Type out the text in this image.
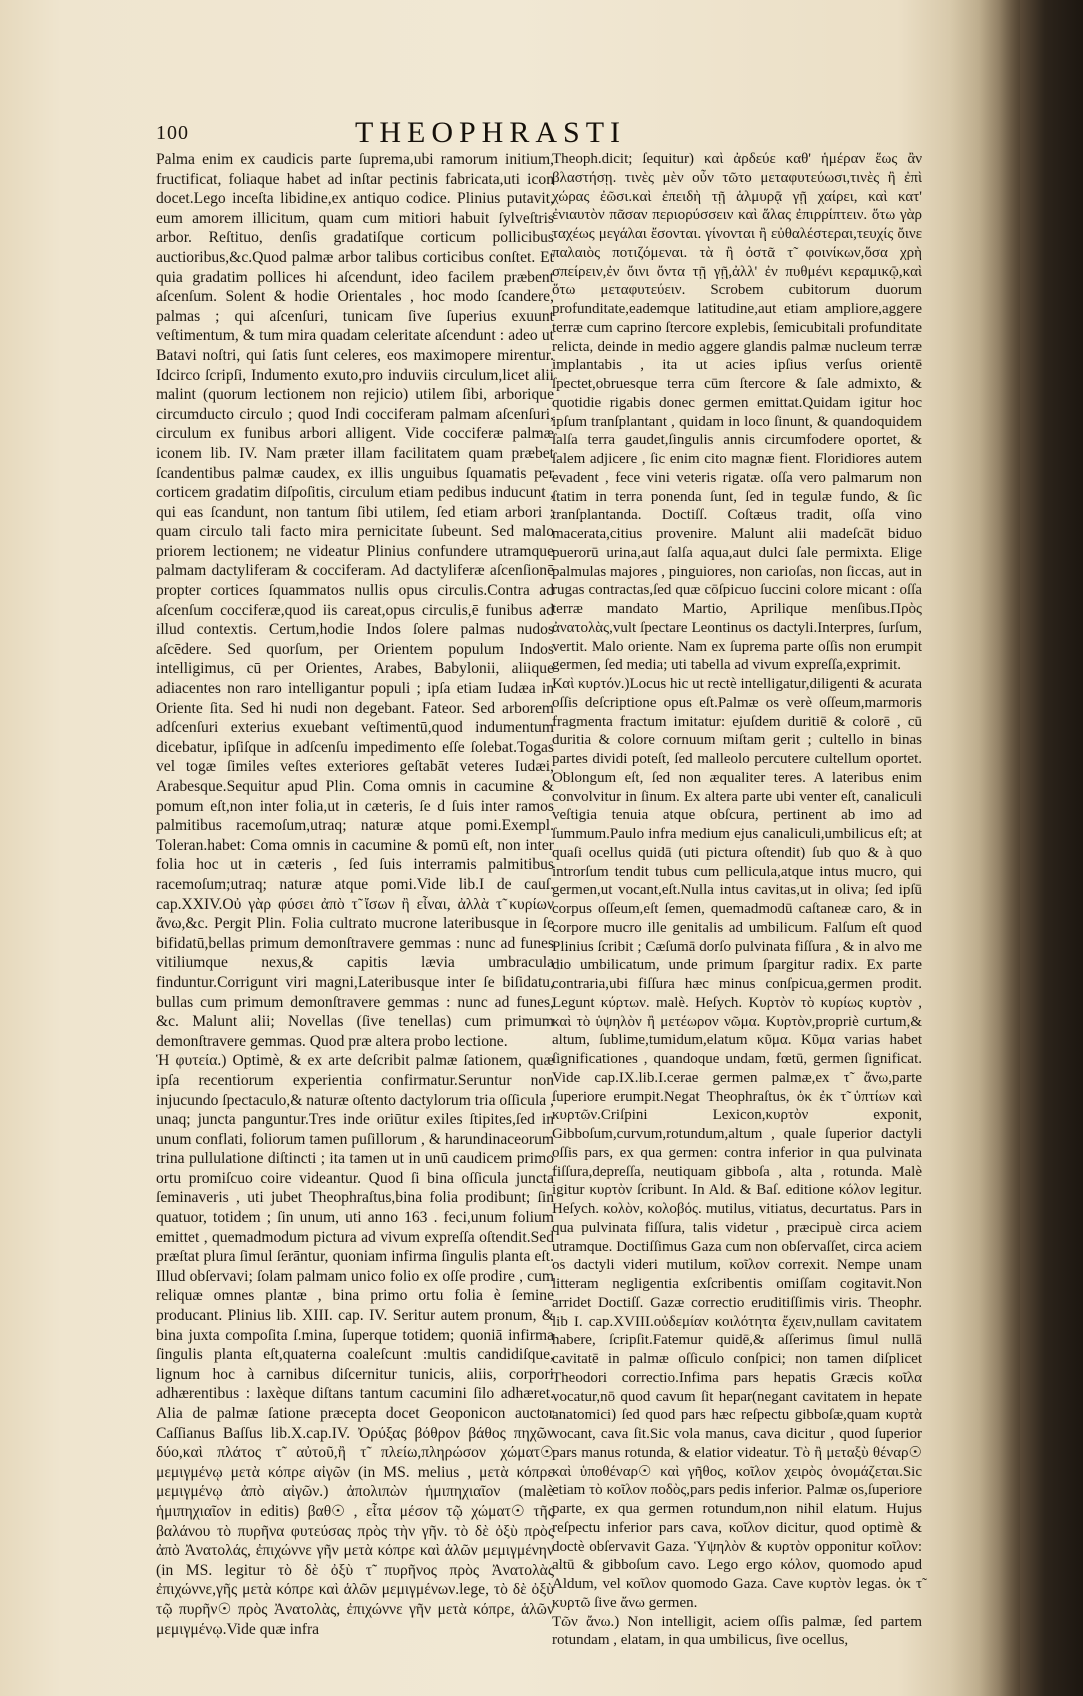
100	THEOPHRASTI

Palma enim ex caudicis parte ſuprema,ubi ramorum initium, fructificat, foliaque habet ad inſtar pectinis fabricata,uti icon docet.Lego inceſta libidine,ex antiquo codice. Plinius putavit, eum amorem illicitum, quam cum mitiori habuit ſylveſtris arbor. Reſtituo, denſis gradatiſque corticum pollicibus auctioribus,&c.Quod palmæ arbor talibus corticibus conſtet. Et quia gradatim pollices hi aſcendunt, ideo facilem præbent aſcenſum. Solent & hodie Orientales , hoc modo ſcandere, palmas ; qui aſcenſuri, tunicam ſive ſuperius exuunt veſtimentum, & tum mira quadam celeritate aſcendunt : adeo ut Batavi noſtri, qui ſatis ſunt celeres, eos maximopere mirentur. Idcirco ſcripſi, Indumento exuto,pro induviis circulum,licet alii malint (quorum lectionem non rejicio) utilem ſibi, arborique circumducto circulo ; quod Indi cocciferam palmam aſcenſuri, circulum ex funibus arbori alligent. Vide cocciferæ palmæ iconem lib. IV. Nam præter illam facilitatem quam præbet ſcandentibus palmæ caudex, ex illis unguibus ſquamatis per corticem gradatim diſpoſitis, circulum etiam pedibus inducunt , qui eas ſcandunt, non tantum ſibi utilem, ſed etiam arbori ; quam circulo tali facto mira pernicitate ſubeunt. Sed malo priorem lectionem; ne videatur Plinius confundere utramque palmam dactyliferam & cocciferam. Ad dactyliferæ aſcenſionē propter cortices ſquammatos nullis opus circulis.Contra ad aſcenſum cocciferæ,quod iis careat,opus circulis,ē funibus ad illud contextis. Certum,hodie Indos ſolere palmas nudos aſcēdere. Sed quorſum, per Orientem populum Indos intelligimus, cū per Orientes, Arabes, Babylonii, aliique adiacentes non raro intelligantur populi ; ipſa etiam Iudæa in Oriente ſita. Sed hi nudi non degebant. Fateor. Sed arborem adſcenſuri exterius exuebant veſtimentū,quod indumentum dicebatur, ipſiſque in adſcenſu impedimento eſſe ſolebat.Togas vel togæ ſimiles veſtes exteriores geſtabāt veteres Iudæi, Arabesque.Sequitur apud Plin. Coma omnis in cacumine & pomum eſt,non inter folia,ut in cæteris, ſe d ſuis inter ramos palmitibus racemoſum,utraq; naturæ atque pomi.Exempl. Toleran.habet: Coma omnis in cacumine & pomū eſt, non inter folia hoc ut in cæteris , ſed ſuis interramis palmitibus racemoſum;utraq; naturæ atque pomi.Vide lib.I de cauſ. cap.XXIV.Oὐ γὰρ φύσει ἀπὸ τ̃ ἴσων ἢ εἶναι, ἀλλὰ τ̃ κυρίων ἄνω,&c. Pergit Plin. Folia cultrato mucrone lateribusque in ſe bifidatū,bellas primum demonſtravere gemmas : nunc ad funes vitiliumque nexus,& capitis lævia umbracula finduntur.Corrigunt viri magni,Lateribusque inter ſe biſidatu, bullas cum primum demonſtravere gemmas : nunc ad funes, &c. Malunt alii; Novellas (ſive tenellas) cum primum demonſtravere gemmas. Quod præ altera probo lectione.

Ἡ φυτεία.) Optimè, & ex arte deſcribit palmæ ſationem, quæ ipſa recentiorum experientia confirmatur.Seruntur non injucundo ſpectaculo,& naturæ oſtento dactylorum tria oſſicula , unaq; juncta panguntur.Tres inde oriūtur exiles ſtipites,ſed in unum conflati, foliorum tamen puſillorum , & harundinaceorum trina pullulatione diſtincti ; ita tamen ut in unū caudicem primo ortu promiſcuo coire videantur. Quod ſi bina oſſicula juncta ſeminaveris , uti jubet Theophraſtus,bina folia prodibunt; ſin quatuor, totidem ; ſin unum, uti anno 163 . feci,unum folium emittet , quemadmodum pictura ad vivum expreſſa oſtendit.Sed præſtat plura ſimul ſerāntur, quoniam infirma ſingulis planta eſt. Illud obſervavi; ſolam palmam unico folio ex oſſe prodire , cum reliquæ omnes plantæ , bina primo ortu folia è ſemine producant. Plinius lib. XIII. cap. IV. Seritur autem pronum, & bina juxta compoſita ſ.mina, ſuperque totidem; quoniā infirma ſingulis planta eſt,quaterna coaleſcunt :multis candidiſque, lignum hoc à carnibus diſcernitur tunicis, aliis, corpori adhærentibus : laxèque diſtans tantum cacumini ſilo adhæret. Alia de palmæ ſatione præcepta docet Geoponicon auctor Caſſianus Baſſus lib.X.cap.IV. Ὀρύξας βόθρον βάθος πηχῶν δύο,καὶ πλάτος τ̃ αὐτοῦ,ἢ τ̃ πλείω,πληρώσον χώματ☉ μεμιγμένῳ μετὰ κόπρε αἰγῶν (in MS. melius , μετὰ κόπρε μεμιγμένῳ ἀπὸ αἰγῶν.) ἀπολιπὼν ἡμιπηχιαῖον (malè ἡμιπηχιαῖον in editis) βαθ☉ , εἶτα μέσον τῷ χώματ☉ τῆς βαλάνου τὸ πυρῆνα φυτεύσας πρὸς τὴν γῆν. τὸ δὲ ὀξὺ πρὸς ἀπὸ Ἀνατολάς, ἐπιχώννε γῆν μετὰ κόπρε καὶ ἁλῶν μεμιγμένην (in MS. legitur τὸ δὲ ὀξὺ τ̃ πυρῆνος πρὸς Ἀνατολὰς ἐπιχώννε,γῆς μετὰ κόπρε καὶ ἁλῶν μεμιγμένων.lege, τὸ δὲ ὀξὺ τῷ πυρῆν☉ πρὸς Ἀνατολὰς, ἐπιχώννε γῆν μετὰ κόπρε, ἁλῶν μεμιγμένῳ.Vide quæ infra

Theoph.dicit; ſequitur) καὶ ἀρδεύε καθ' ἡμέραν ἕως ἂν βλαστήσῃ. τινὲς μὲν οὖν τῶτο μεταφυτεύωσι,τινὲς ἢ ἐπὶ χώρας ἐῶσι.καὶ ἐπειδὴ τῇ ἁλμυρᾷ γῇ χαίρει, καὶ κατ' ἐνιαυτὸν πᾶσαν περιορύσσειν καὶ ἅλας ἐπιρρίπτειν. ὅτω γὰρ ταχέως μεγάλαι ἔσονται. γίνονται ἢ εὐθαλέστεραι,τευχίς ὄινε παλαιὸς ποτιζόμεναι. τὰ ἢ ὀστᾶ τ̃ φοινίκων,ὅσα χρὴ σπείρειν,ἐν ὄινι ὄντα τῇ γῇ,ἀλλ' ἐν πυθμένι κεραμικῷ,καὶ ὅτω μεταφυτεύειν. Scrobem cubitorum duorum profunditate,eademque latitudine,aut etiam ampliore,aggere terræ cum caprino ſtercore explebis, ſemicubitali profunditate relicta, deinde in medio aggere glandis palmæ nucleum terræ implantabis , ita ut acies ipſius verſus orientē ſpectet,obruesque terra cūm ſtercore & ſale admixto, & quotidie rigabis donec germen emittat.Quidam igitur hoc ipſum tranſplantant , quidam in loco ſinunt, & quandoquidem ſalſa terra gaudet,ſingulis annis circumfodere oportet, & ſalem adjicere , ſic enim cito magnæ fient. Floridiores autem evadent , fece vini veteris rigatæ. oſſa vero palmarum non ſtatim in terra ponenda ſunt, ſed in tegulæ fundo, & ſic tranſplantanda. Doctiſſ. Coſtæus tradit, oſſa vino macerata,citius provenire. Malunt alii madeſcāt biduo puerorū urina,aut ſalſa aqua,aut dulci ſale permixta. Elige palmulas majores , pinguiores, non carioſas, non ſiccas, aut in rugas contractas,ſed quæ cōſpicuo ſuccini colore micant : oſſa terræ mandato Martio, Aprilique menſibus.Πρὸς ἀνατολὰς,vult ſpectare Leontinus os dactyli.Interpres, ſurſum, vertit. Malo oriente. Nam ex ſuprema parte oſſis non erumpit germen, ſed media; uti tabella ad vivum expreſſa,exprimit.

Καὶ κυρτόν.)Locus hic ut rectè intelligatur,diligenti & acurata oſſis deſcriptione opus eſt.Palmæ os verè oſſeum,marmoris fragmenta fractum imitatur: ejuſdem duritiē & colorē , cū duritia & colore cornuum miſtam gerit ; cultello in binas partes dividi poteſt, ſed malleolo percutere cultellum oportet. Oblongum eſt, ſed non æqualiter teres. A lateribus enim convolvitur in ſinum. Ex altera parte ubi venter eſt, canaliculi veſtigia tenuia atque obſcura, pertinent ab imo ad ſummum.Paulo infra medium ejus canaliculi,umbilicus eſt; at quaſi ocellus quidā (uti pictura oſtendit) ſub quo & à quo introrſum tendit tubus cum pellicula,atque intus mucro, qui germen,ut vocant,eſt.Nulla intus cavitas,ut in oliva; ſed ipſū corpus oſſeum,eſt ſemen, quemadmodū caſtaneæ caro, & in corpore mucro ille genitalis ad umbilicum. Falſum eſt quod Plinius ſcribit ; Cæſumā dorſo pulvinata fiſſura , & in alvo me dio umbilicatum, unde primum ſpargitur radix. Ex parte contraria,ubi fiſſura hæc minus conſpicua,germen prodit. Legunt κύρτων. malè. Heſych. Κυρτὸν τὸ κυρίως κυρτὸν , καὶ τὸ ὑψηλὸν ἢ μετέωρον νῶμα. Κυρτὸν,propriè curtum,& altum, ſublime,tumidum,elatum κῦμα. Κῦμα varias habet ſignificationes , quandoque undam, fœtū, germen ſignificat. Vide cap.IX.lib.I.cerae germen palmæ,ex τ̃ ἄνω,parte ſuperiore erumpit.Negat Theophraſtus, ὁκ ἐκ τ̃ ὑπτίων καὶ κυρτῶν.Criſpini Lexicon,κυρτὸν exponit, Gibboſum,curvum,rotundum,altum , quale ſuperior dactyli oſſis pars, ex qua germen: contra inferior in qua pulvinata fiſſura,depreſſa, neutiquam gibboſa , alta , rotunda. Malè igitur κυρτὸν ſcribunt. In Ald. & Baſ. editione κόλον legitur. Heſych. κολὸν, κολοβός. mutilus, vitiatus, decurtatus. Pars in qua pulvinata fiſſura, talis videtur , præcipuè circa aciem utramque. Doctiſſimus Gaza cum non obſervaſſet, circa aciem os dactyli videri mutilum, κοῖλον correxit. Nempe unam litteram negligentia exſcribentis omiſſam cogitavit.Non arridet Doctiſſ. Gazæ correctio eruditiſſimis viris. Theophr. lib I. cap.XVIII.οὐδεμίαν κοιλότητα ἔχειν,nullam cavitatem habere, ſcripſit.Fatemur quidē,& aſſerimus ſimul nullā cavitatē in palmæ oſſiculo conſpici; non tamen diſplicet Theodori correctio.Infima pars hepatis Græcis κοῖλα vocatur,nō quod cavum ſit hepar(negant cavitatem in hepate anatomici) ſed quod pars hæc reſpectu gibboſæ,quam κυρτὰ vocant, cava ſit.Sic vola manus, cava dicitur , quod ſuperior pars manus rotunda, & elatior videatur. Τὸ ἢ μεταξὺ θέναρ☉ καὶ ὑποθέναρ☉ καὶ γῆθος, κοῖλον χειρὸς ὀνομάζεται.Sic etiam τὸ κοῖλον ποδὸς,pars pedis inferior. Palmæ os,ſuperiore parte, ex qua germen rotundum,non nihil elatum. Hujus reſpectu inferior pars cava, κοῖλον dicitur, quod optimè & doctè obſervavit Gaza. Ὑψηλὸν & κυρτὸν opponitur κοῖλον: altū & gibboſum cavo. Lego ergo κόλον, quomodo apud Aldum, vel κοῖλον quomodo Gaza. Cave κυρτὸν legas. ὀκ τ̃ κυρτῶ ſive ἄνω germen.

Τῶν ἄνω.) Non intelligit, aciem oſſis palmæ, ſed partem rotundam , elatam, in qua umbilicus, ſive ocellus,
